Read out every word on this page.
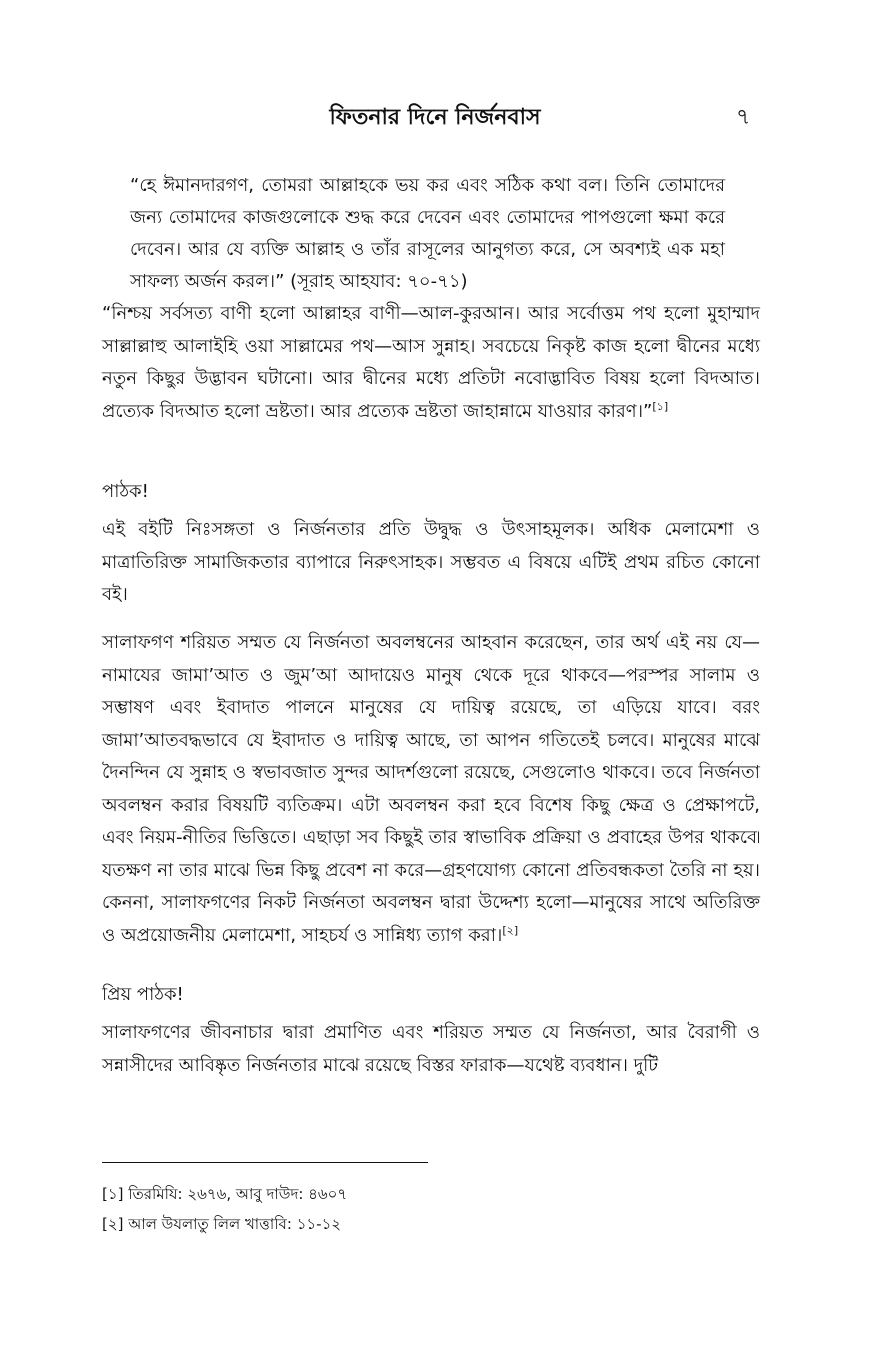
ফিতনার দিনে নির্জনবাস	৭
“হে ঈমানদারগণ, তোমরা আল্লাহকে ভয় কর এবং সঠিক কথা বল। তিনি তোমাদের জন্য তোমাদের কাজগুলোকে শুদ্ধ করে দেবেন এবং তোমাদের পাপগুলো ক্ষমা করে দেবেন। আর যে ব্যক্তি আল্লাহ ও তাঁর রাসূলের আনুগত্য করে, সে অবশ্যই এক মহা সাফল্য অর্জন করল।” (সূরাহ আহযাব: ৭০-৭১)

“নিশ্চয় সর্বসত্য বাণী হলো আল্লাহর বাণী—আল-কুরআন। আর সর্বোত্তম পথ হলো মুহাম্মাদ সাল্লাল্লাহু আলাইহি ওয়া সাল্লামের পথ—আস সুন্নাহ। সবচেয়ে নিকৃষ্ট কাজ হলো দ্বীনের মধ্যে নতুন কিছুর উদ্ভাবন ঘটানো। আর দ্বীনের মধ্যে প্রতিটা নবোদ্ভাবিত বিষয় হলো বিদআত। প্রত্যেক বিদআত হলো ভ্রষ্টতা। আর প্রত্যেক ভ্রষ্টতা জাহান্নামে যাওয়ার কারণ।”[১]

পাঠক!

এই বইটি নিঃসঙ্গতা ও নির্জনতার প্রতি উদ্বুদ্ধ ও উৎসাহমূলক। অধিক মেলামেশা ও মাত্রাতিরিক্ত সামাজিকতার ব্যাপারে নিরুৎসাহক। সম্ভবত এ বিষয়ে এটিই প্রথম রচিত কোনো বই।

সালাফগণ শরিয়ত সম্মত যে নির্জনতা অবলম্বনের আহবান করেছেন, তার অর্থ এই নয় যে—নামাযের জামা’আত ও জুম’আ আদায়েও মানুষ থেকে দূরে থাকবে—পরস্পর সালাম ও সম্ভাষণ এবং ইবাদাত পালনে মানুষের যে দায়িত্ব রয়েছে, তা এড়িয়ে যাবে। বরং জামা’আতবদ্ধভাবে যে ইবাদাত ও দায়িত্ব আছে, তা আপন গতিতেই চলবে। মানুষের মাঝে দৈনন্দিন যে সুন্নাহ ও স্বভাবজাত সুন্দর আদর্শগুলো রয়েছে, সেগুলোও থাকবে। তবে নির্জনতা অবলম্বন করার বিষয়টি ব্যতিক্রম। এটা অবলম্বন করা হবে বিশেষ কিছু ক্ষেত্র ও প্রেক্ষাপটে, এবং নিয়ম-নীতির ভিত্তিতে। এছাড়া সব কিছুই তার স্বাভাবিক প্রক্রিয়া ও প্রবাহের উপর থাকবে৷ যতক্ষণ না তার মাঝে ভিন্ন কিছু প্রবেশ না করে—গ্রহণযোগ্য কোনো প্রতিবন্ধকতা তৈরি না হয়। কেননা, সালাফগণের নিকট নির্জনতা অবলম্বন দ্বারা উদ্দেশ্য হলো—মানুষের সাথে অতিরিক্ত ও অপ্রয়োজনীয় মেলামেশা, সাহচর্য ও সান্নিধ্য ত্যাগ করা।[২]

প্রিয় পাঠক!

সালাফগণের জীবনাচার দ্বারা প্রমাণিত এবং শরিয়ত সম্মত যে নির্জনতা, আর বৈরাগী ও সন্নাসীদের আবিষ্কৃত নির্জনতার মাঝে রয়েছে বিস্তর ফারাক—যথেষ্ট ব্যবধান। দুটি

[১] তিরমিযি: ২৬৭৬, আবু দাউদ: ৪৬০৭
[২] আল উযলাতু লিল খাত্তাবি: ১১-১২
